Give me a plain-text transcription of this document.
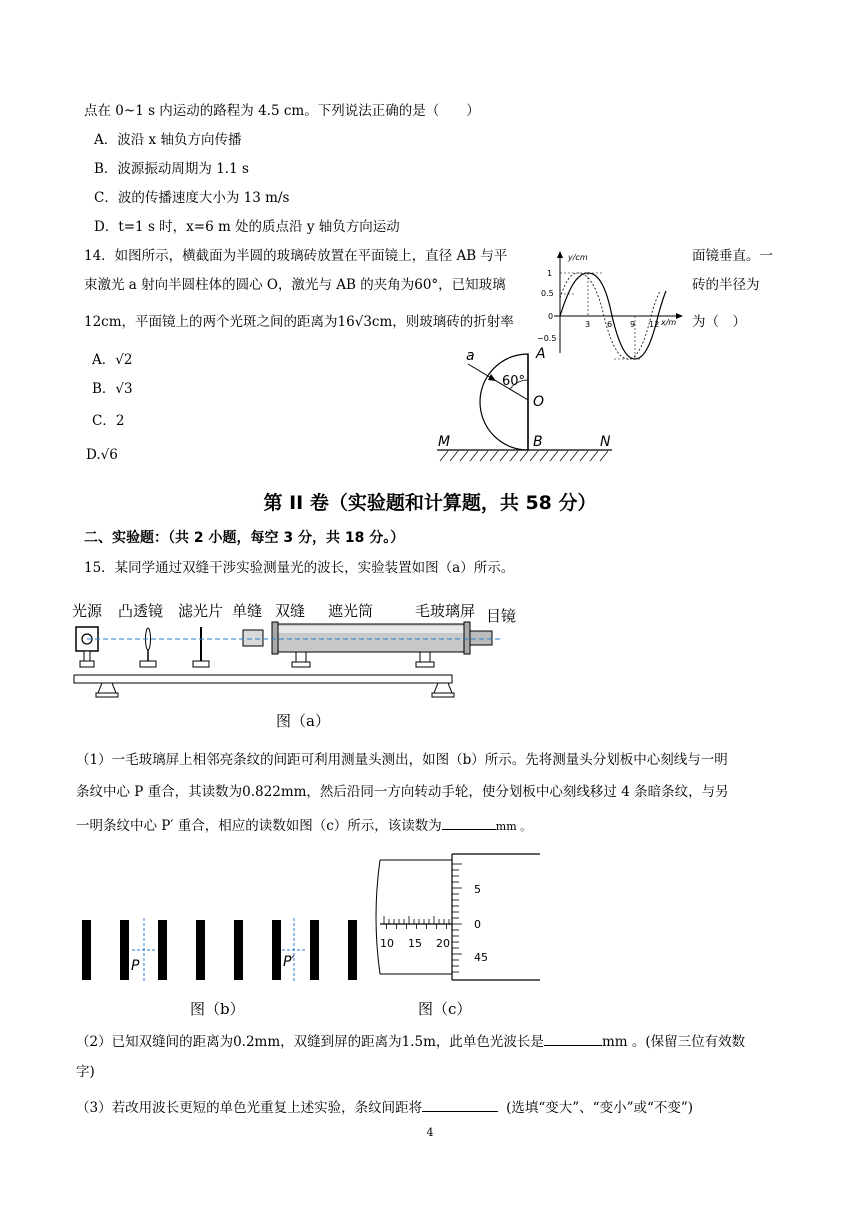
点在 0~1 s 内运动的路程为 4.5 cm。下列说法正确的是（　　）
A．波沿 x 轴负方向传播
B．波源振动周期为 1.1 s
C．波的传播速度大小为 13 m/s
D．t=1 s 时，x=6 m 处的质点沿 y 轴负方向运动
y/cm
x/m
1
0.5
0
−0.5
3 6 9 12
14．如图所示，横截面为半圆的玻璃砖放置在平面镜上，直径 AB 与平	面镜垂直。一
束激光 a 射向半圆柱体的圆心 O，激光与 AB 的夹角为60°，已知玻璃	砖的半径为
12cm，平面镜上的两个光斑之间的距离为16√3cm，则玻璃砖的折射率	为（　）
A．√2
B．√3
C．2
D.√6
a
60°
A
O
B
M	N
第 II 卷（实验题和计算题，共 58 分）
二、实验题：（共 2 小题，每空 3 分，共 18 分。）
15．某同学通过双缝干涉实验测量光的波长，实验装置如图（a）所示。
光源 凸透镜 滤光片 单缝 双缝 遮光筒	毛玻璃屏 目镜
图（a）
（1）一毛玻璃屏上相邻亮条纹的间距可利用测量头测出，如图（b）所示。先将测量头分划板中心刻线与一明
条纹中心 P 重合，其读数为0.822mm，然后沿同一方向转动手轮，使分划板中心刻线移过 4 条暗条纹，与另
一明条纹中心 P′ 重合，相应的读数如图（c）所示，该读数为	mm 。
P	P′
图（b）
10 15 20
5
0
45
图（c）
（2）已知双缝间的距离为0.2mm，双缝到屏的距离为1.5m，此单色光波长是	mm 。(保留三位有效数
字)
（3）若改用波长更短的单色光重复上述实验，条纹间距将	(选填“变大”、“变小”或“不变”)
4
